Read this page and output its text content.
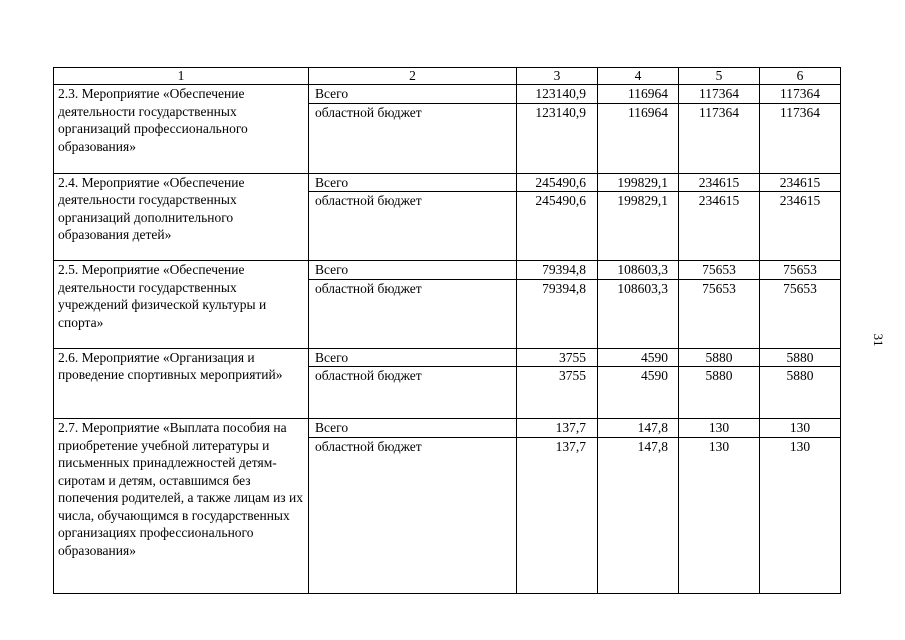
1	2	3	4	5	6
2.3. Мероприятие «Обеспечение деятельности государственных организаций профессионального образования»	Всего	123140,9	116964	117364	117364
	областной бюджет	123140,9	116964	117364	117364
2.4. Мероприятие «Обеспечение деятельности государственных организаций дополнительного образования детей»	Всего	245490,6	199829,1	234615	234615
	областной бюджет	245490,6	199829,1	234615	234615
2.5. Мероприятие «Обеспечение деятельности государственных учреждений физической культуры и спорта»	Всего	79394,8	108603,3	75653	75653
	областной бюджет	79394,8	108603,3	75653	75653
2.6. Мероприятие «Организация и проведение спортивных мероприятий»	Всего	3755	4590	5880	5880
	областной бюджет	3755	4590	5880	5880
2.7. Мероприятие «Выплата пособия на приобретение учебной литературы и письменных принадлежностей детям-сиротам и детям, оставшимся без попечения родителей, а также лицам из их числа, обучающимся в государственных организациях профессионального образования»	Всего	137,7	147,8	130	130
	областной бюджет	137,7	147,8	130	130
31
